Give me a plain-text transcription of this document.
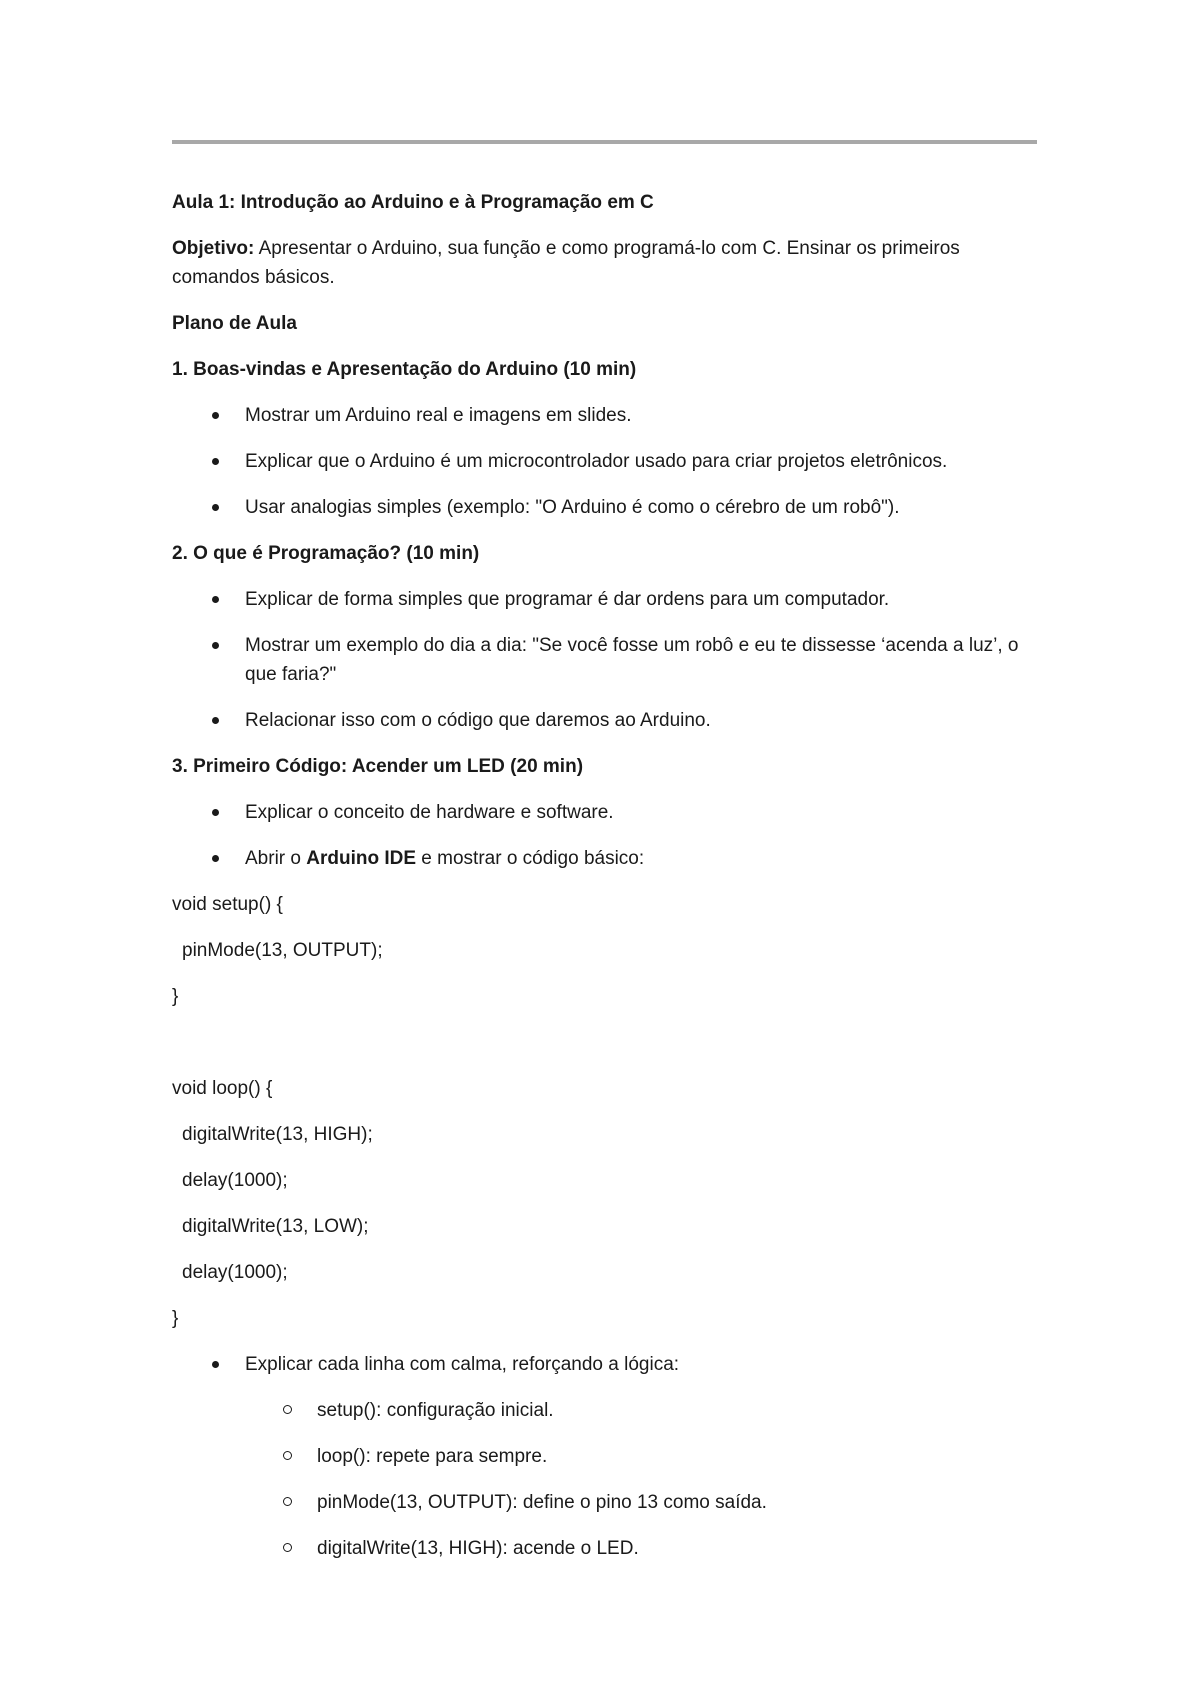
Aula 1: Introdução ao Arduino e à Programação em C

Objetivo: Apresentar o Arduino, sua função e como programá-lo com C. Ensinar os primeiros comandos básicos.

Plano de Aula

1. Boas-vindas e Apresentação do Arduino (10 min)

Mostrar um Arduino real e imagens em slides.
Explicar que o Arduino é um microcontrolador usado para criar projetos eletrônicos.
Usar analogias simples (exemplo: "O Arduino é como o cérebro de um robô").

2. O que é Programação? (10 min)

Explicar de forma simples que programar é dar ordens para um computador.
Mostrar um exemplo do dia a dia: "Se você fosse um robô e eu te dissesse ‘acenda a luz’, o que faria?"
Relacionar isso com o código que daremos ao Arduino.

3. Primeiro Código: Acender um LED (20 min)

Explicar o conceito de hardware e software.
Abrir o Arduino IDE e mostrar o código básico:

void setup() {

pinMode(13, OUTPUT);

}

void loop() {

digitalWrite(13, HIGH);

delay(1000);

digitalWrite(13, LOW);

delay(1000);

}

Explicar cada linha com calma, reforçando a lógica:
setup(): configuração inicial.
loop(): repete para sempre.
pinMode(13, OUTPUT): define o pino 13 como saída.
digitalWrite(13, HIGH): acende o LED.
